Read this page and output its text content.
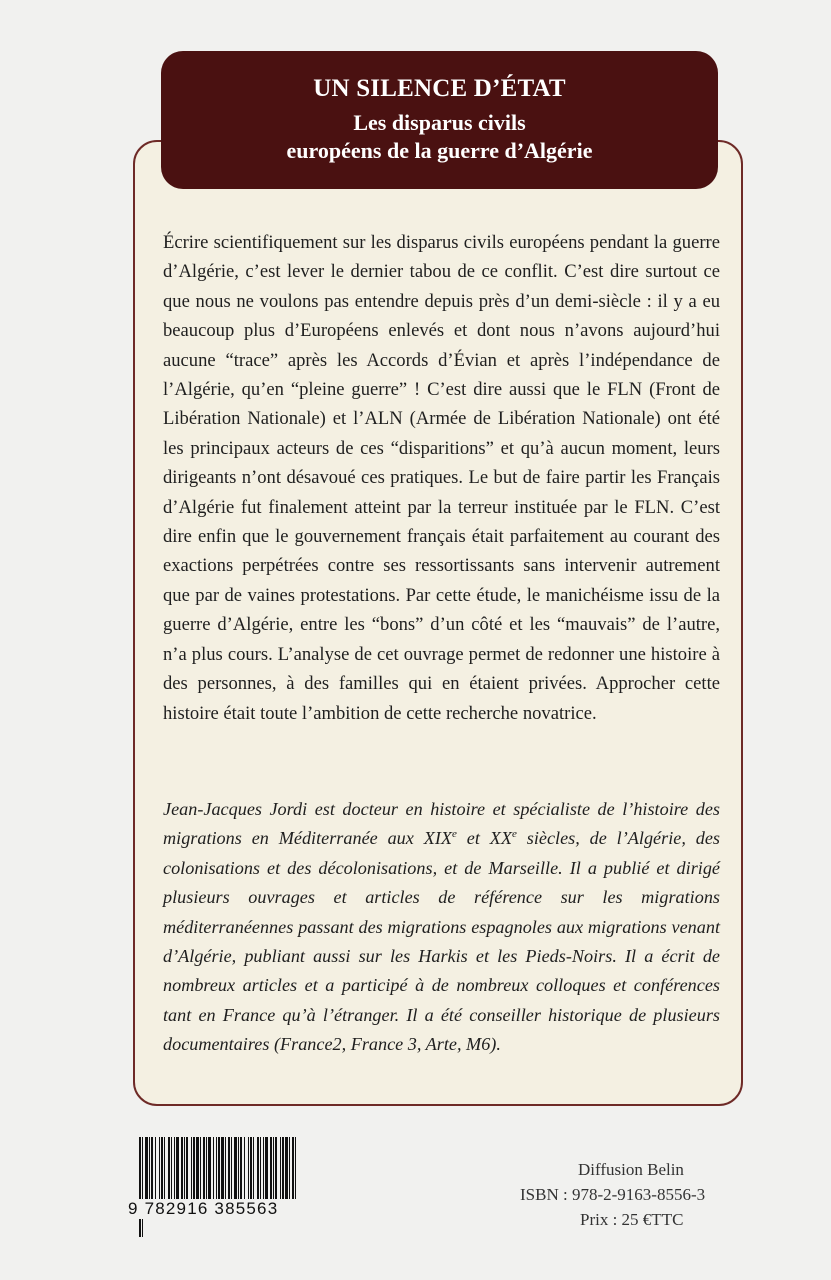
UN SILENCE D’ÉTAT
Les disparus civils
européens de la guerre d’Algérie

Écrire scientifiquement sur les disparus civils européens pendant la guerre d’Algérie, c’est lever le dernier tabou de ce conflit. C’est dire surtout ce que nous ne voulons pas entendre depuis près d’un demi-siècle : il y a eu beaucoup plus d’Européens enlevés et dont nous n’avons aujourd’hui aucune “trace” après les Accords d’Évian et après l’indépendance de l’Algérie, qu’en “pleine guerre” ! C’est dire aussi que le FLN (Front de Libération Nationale) et l’ALN (Armée de Libération Nationale) ont été les principaux acteurs de ces “disparitions” et qu’à aucun moment, leurs dirigeants n’ont désavoué ces pratiques. Le but de faire partir les Français d’Algérie fut finalement atteint par la terreur instituée par le FLN. C’est dire enfin que le gouvernement français était parfaitement au courant des exactions perpétrées contre ses ressortissants sans intervenir autrement que par de vaines protestations. Par cette étude, le manichéisme issu de la guerre d’Algérie, entre les “bons” d’un côté et les “mauvais” de l’autre, n’a plus cours. L’analyse de cet ouvrage permet de redonner une histoire à des personnes, à des familles qui en étaient privées. Approcher cette histoire était toute l’ambition de cette recherche novatrice.

Jean-Jacques Jordi est docteur en histoire et spécialiste de l’histoire des migrations en Méditerranée aux XIXe et XXe siècles, de l’Algérie, des colonisations et des décolonisations, et de Marseille. Il a publié et dirigé plusieurs ouvrages et articles de référence sur les migrations méditerranéennes passant des migrations espagnoles aux migrations venant d’Algérie, publiant aussi sur les Harkis et les Pieds-Noirs. Il a écrit de nombreux articles et a participé à de nombreux colloques et conférences tant en France qu’à l’étranger. Il a été conseiller historique de plusieurs documentaires (France2, France 3, Arte, M6).

9 782916 385563
Diffusion Belin
ISBN : 978-2-9163-8556-3
Prix : 25 €TTC
